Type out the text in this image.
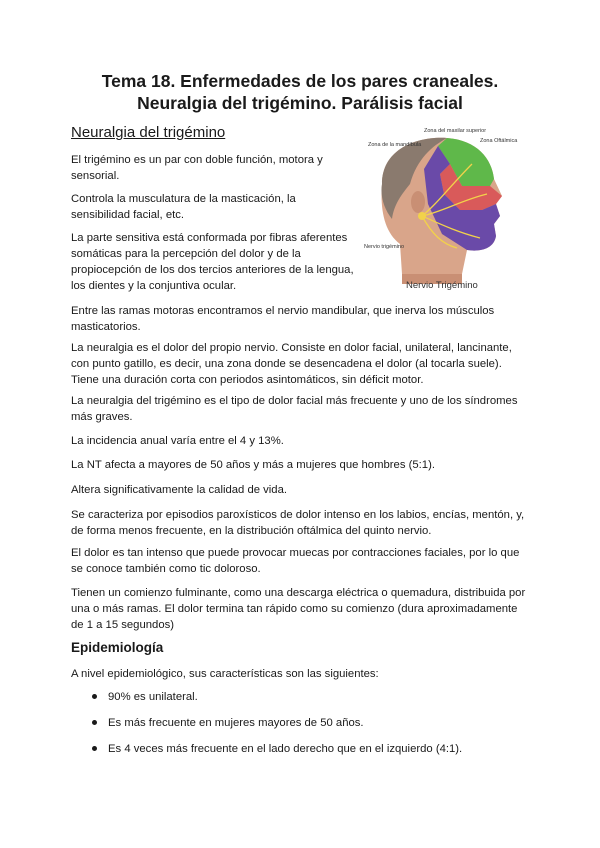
Tema 18. Enfermedades de los pares craneales. Neuralgia del trigémino. Parálisis facial
Neuralgia del trigémino

El trigémino es un par con doble función, motora y sensorial.

Controla la musculatura de la masticación, la sensibilidad facial, etc.

La parte sensitiva está conformada por fibras aferentes somáticas para la percepción del dolor y de la propiocepción de los dos tercios anteriores de la lengua, los dientes y la conjuntiva ocular.

Zona del maxilar superior
Zona de la mandíbula
Zona Oftálmica
Nervio trigémino
Nervio Trigémino

Entre las ramas motoras encontramos el nervio mandibular, que inerva los músculos masticatorios.

La neuralgia es el dolor del propio nervio. Consiste en dolor facial, unilateral, lancinante, con punto gatillo, es decir, una zona donde se desencadena el dolor (al tocarla suele). Tiene una duración corta con periodos asintomáticos, sin déficit motor.

La neuralgia del trigémino es el tipo de dolor facial más frecuente y uno de los síndromes más graves.

La incidencia anual varía entre el 4 y 13%.

La NT afecta a mayores de 50 años y más a mujeres que hombres (5:1).

Altera significativamente la calidad de vida.

Se caracteriza por episodios paroxísticos de dolor intenso en los labios, encías, mentón, y, de forma menos frecuente, en la distribución oftálmica del quinto nervio.

El dolor es tan intenso que puede provocar muecas por contracciones faciales, por lo que se conoce también como tic doloroso.

Tienen un comienzo fulminante, como una descarga eléctrica o quemadura, distribuida por una o más ramas. El dolor termina tan rápido como su comienzo (dura aproximadamente de 1 a 15 segundos)

Epidemiología

A nivel epidemiológico, sus características son las siguientes:

90% es unilateral.
Es más frecuente en mujeres mayores de 50 años.
Es 4 veces más frecuente en el lado derecho que en el izquierdo (4:1).
